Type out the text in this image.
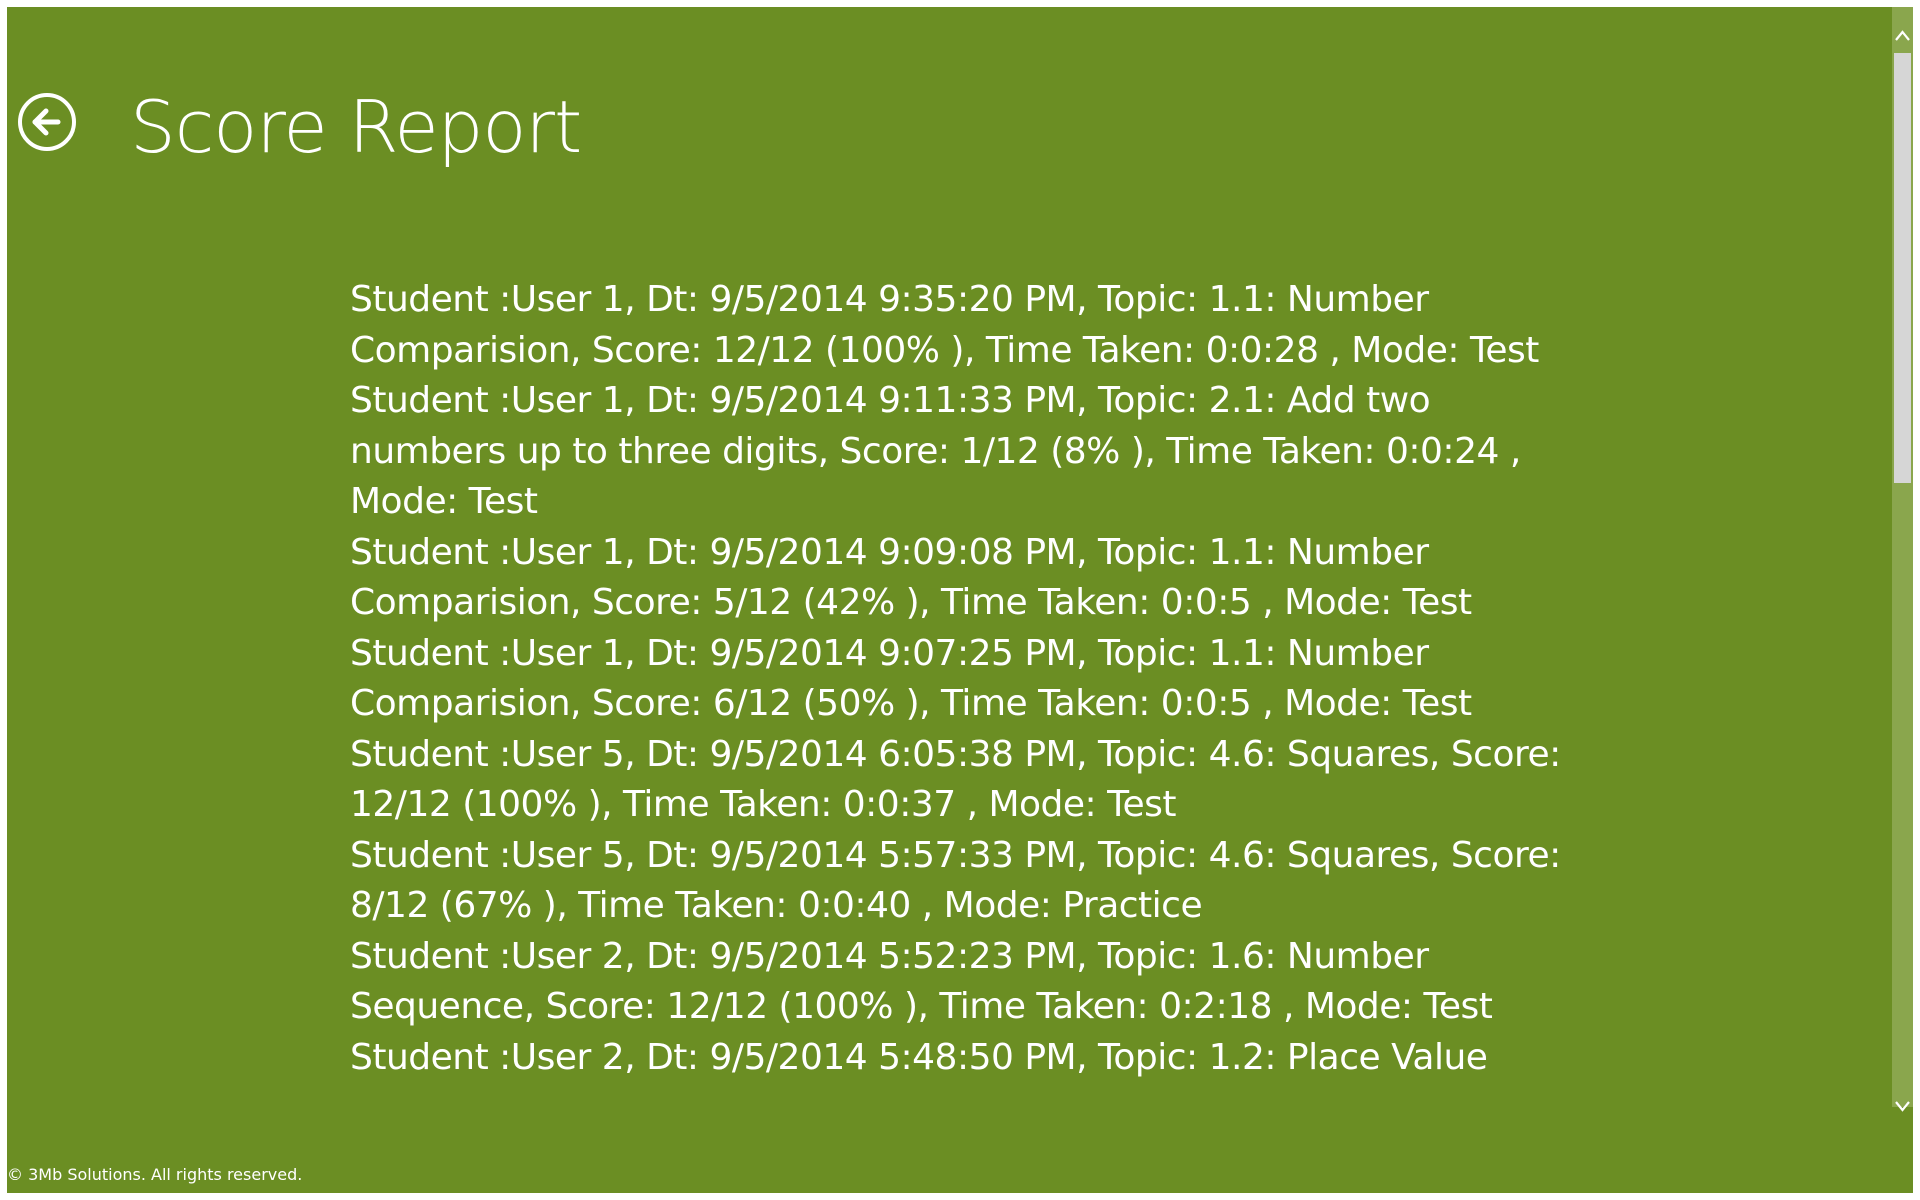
Score Report
Student :User 1, Dt: 9/5/2014 9:35:20 PM, Topic: 1.1: Number Comparision, Score: 12/12 (100% ), Time Taken: 0:0:28 , Mode: Test
Student :User 1, Dt: 9/5/2014 9:11:33 PM, Topic: 2.1: Add two numbers up to three digits, Score: 1/12 (8% ), Time Taken: 0:0:24 , Mode: Test
Student :User 1, Dt: 9/5/2014 9:09:08 PM, Topic: 1.1: Number Comparision, Score: 5/12 (42% ), Time Taken: 0:0:5 , Mode: Test
Student :User 1, Dt: 9/5/2014 9:07:25 PM, Topic: 1.1: Number Comparision, Score: 6/12 (50% ), Time Taken: 0:0:5 , Mode: Test
Student :User 5, Dt: 9/5/2014 6:05:38 PM, Topic: 4.6: Squares, Score: 12/12 (100% ), Time Taken: 0:0:37 , Mode: Test
Student :User 5, Dt: 9/5/2014 5:57:33 PM, Topic: 4.6: Squares, Score: 8/12 (67% ), Time Taken: 0:0:40 , Mode: Practice
Student :User 2, Dt: 9/5/2014 5:52:23 PM, Topic: 1.6: Number Sequence, Score: 12/12 (100% ), Time Taken: 0:2:18 , Mode: Test
Student :User 2, Dt: 9/5/2014 5:48:50 PM, Topic: 1.2: Place Value
© 3Mb Solutions. All rights reserved.
